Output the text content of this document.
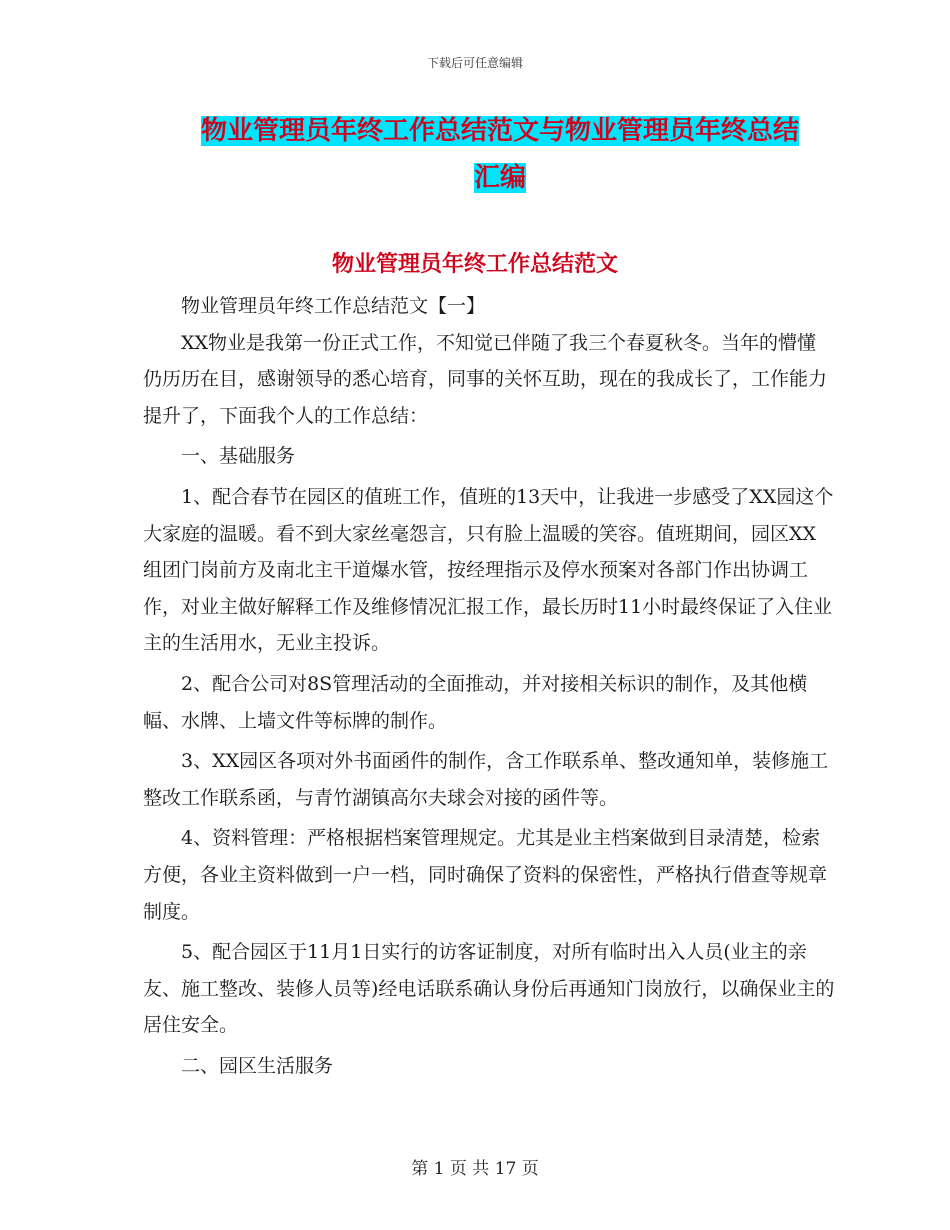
下载后可任意编辑
物业管理员年终工作总结范文与物业管理员年终总结
汇编
物业管理员年终工作总结范文

物业管理员年终工作总结范文【一】

XX物业是我第一份正式工作，不知觉已伴随了我三个春夏秋冬。当年的懵懂仍历历在目，感谢领导的悉心培育，同事的关怀互助，现在的我成长了，工作能力提升了，下面我个人的工作总结：

一、基础服务

1、配合春节在园区的值班工作，值班的13天中，让我进一步感受了XX园这个大家庭的温暖。看不到大家丝毫怨言，只有脸上温暖的笑容。值班期间，园区XX组团门岗前方及南北主干道爆水管，按经理指示及停水预案对各部门作出协调工作，对业主做好解释工作及维修情况汇报工作，最长历时11小时最终保证了入住业主的生活用水，无业主投诉。

2、配合公司对8S管理活动的全面推动，并对接相关标识的制作，及其他横幅、水牌、上墙文件等标牌的制作。

3、XX园区各项对外书面函件的制作，含工作联系单、整改通知单，装修施工整改工作联系函，与青竹湖镇高尔夫球会对接的函件等。

4、资料管理：严格根据档案管理规定。尤其是业主档案做到目录清楚，检索方便，各业主资料做到一户一档，同时确保了资料的保密性，严格执行借查等规章制度。

5、配合园区于11月1日实行的访客证制度，对所有临时出入人员(业主的亲友、施工整改、装修人员等)经电话联系确认身份后再通知门岗放行，以确保业主的居住安全。

二、园区生活服务

第 1 页 共 17 页
